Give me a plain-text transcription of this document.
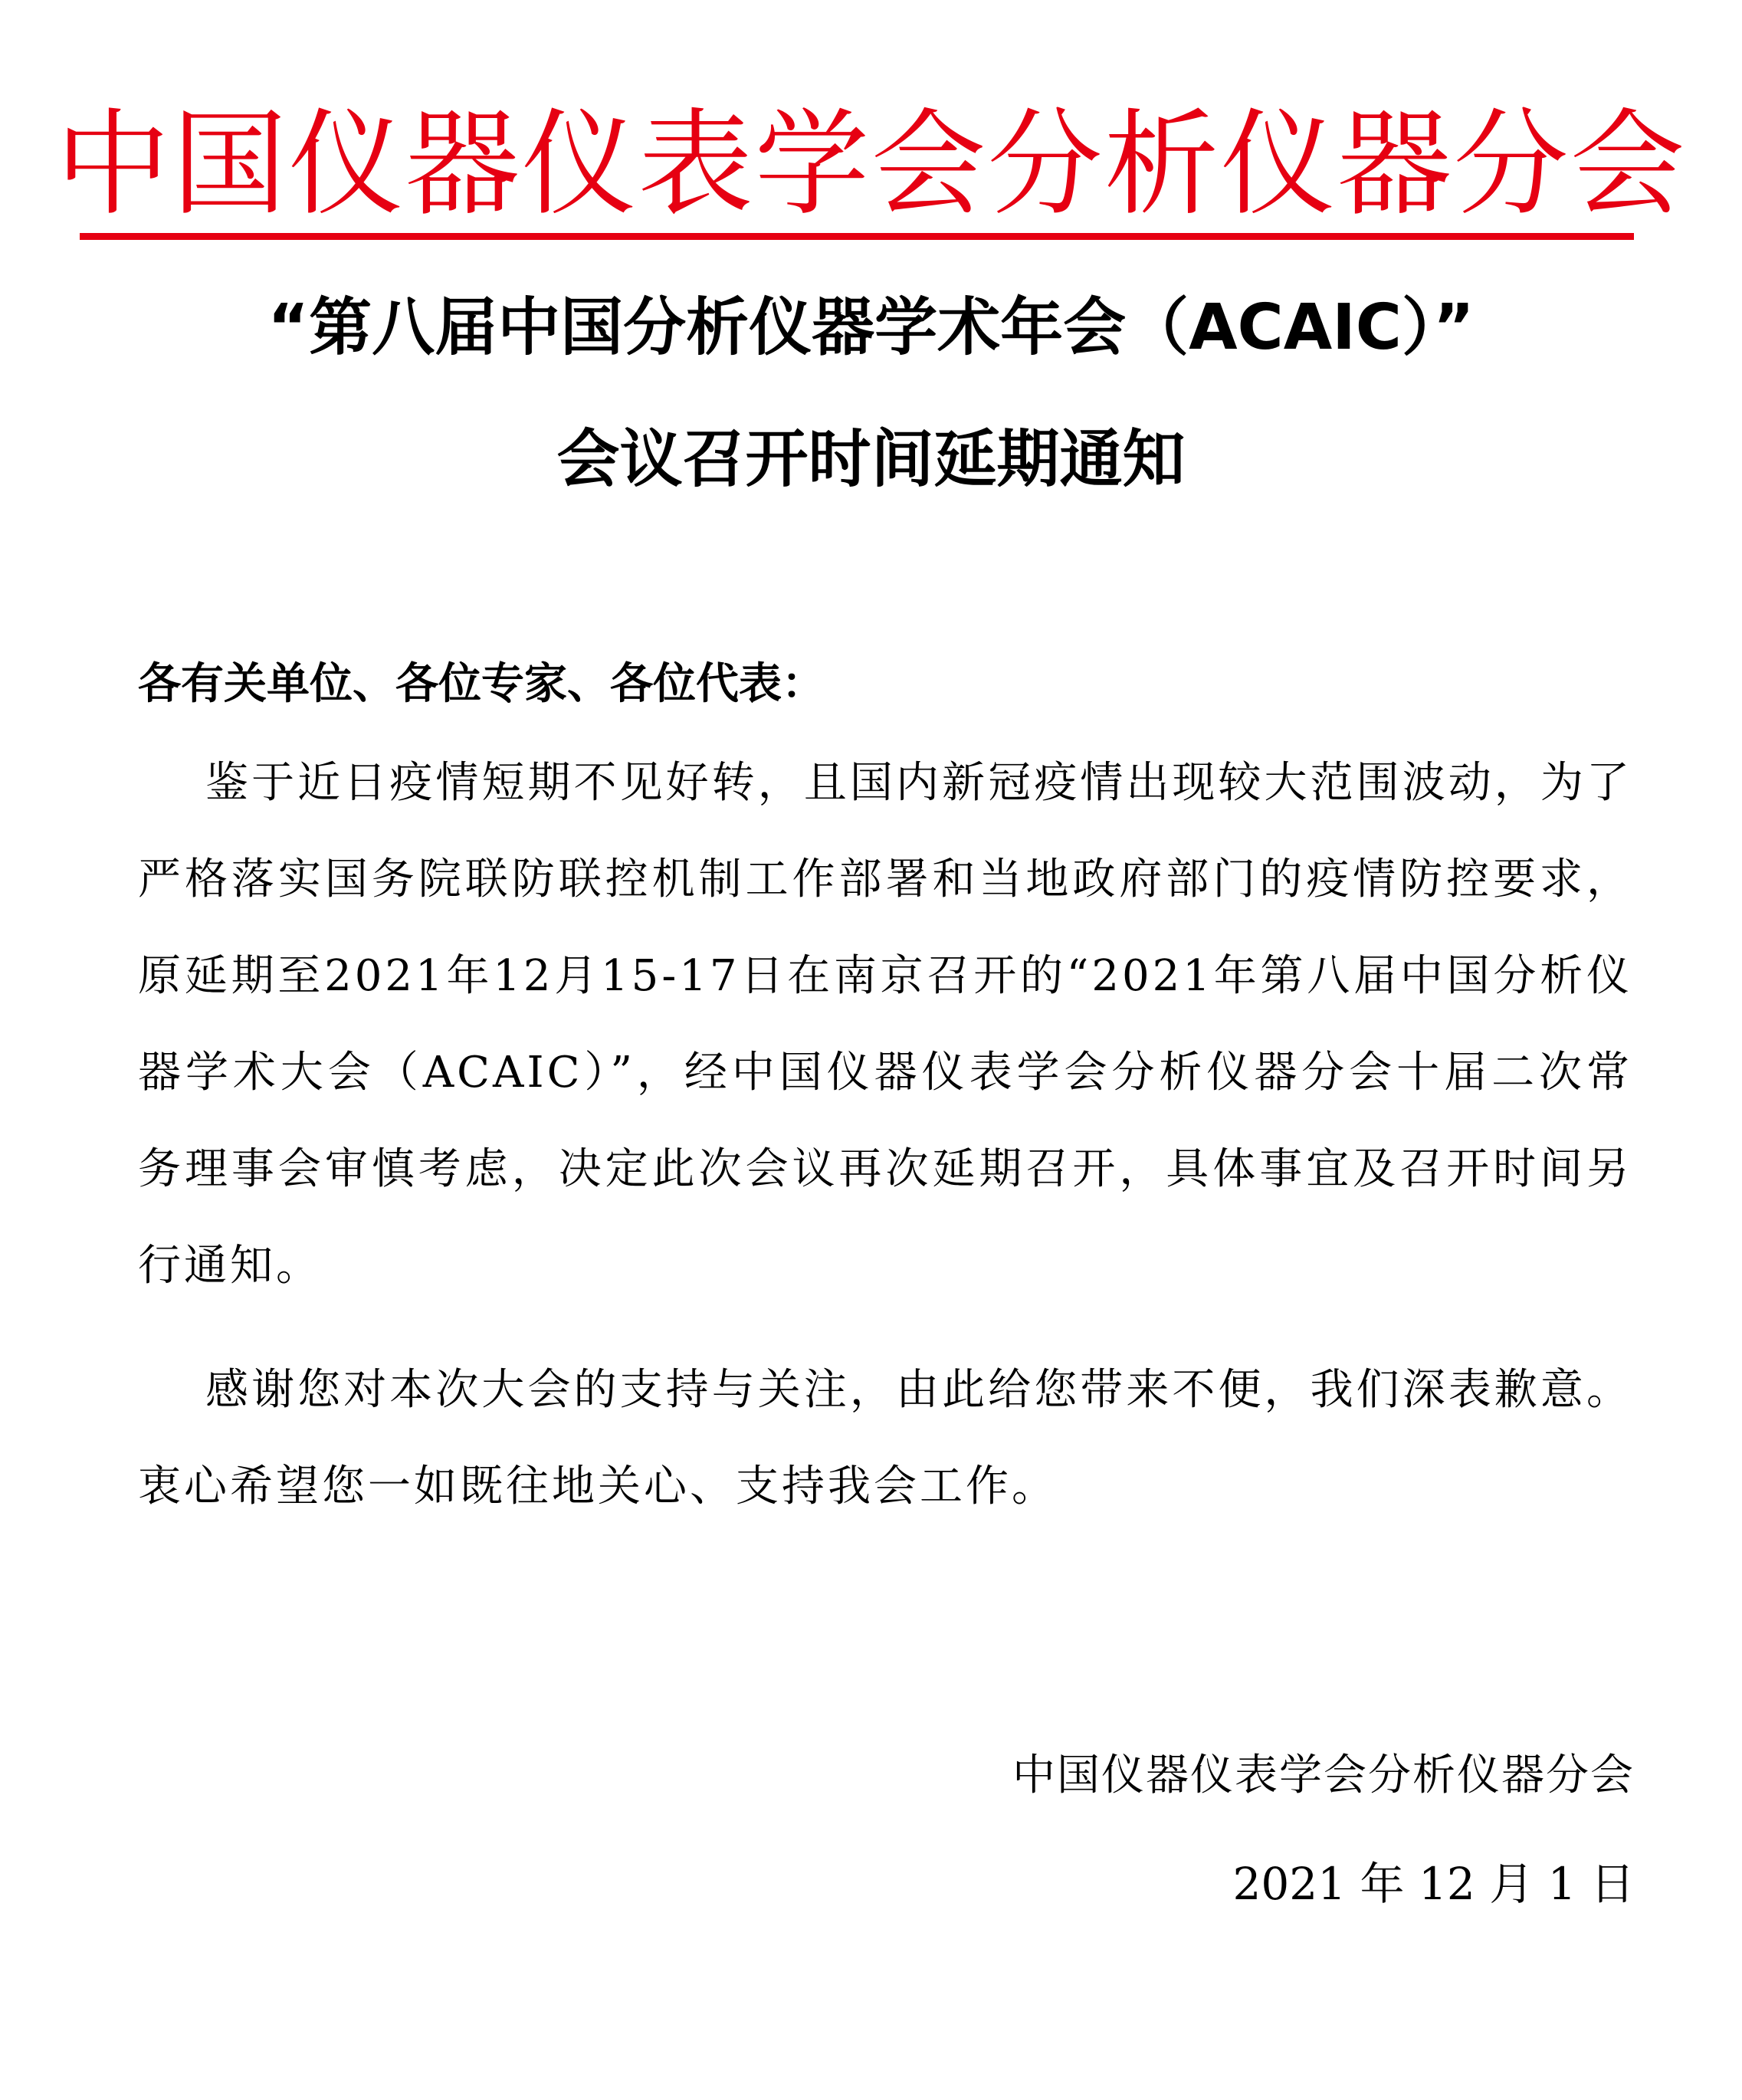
中国仪器仪表学会分析仪器分会
“第八届中国分析仪器学术年会（ACAIC）”
会议召开时间延期通知
各有关单位、各位专家、各位代表：
鉴于近日疫情短期不见好转，且国内新冠疫情出现较大范围波动，为了严格落实国务院联防联控机制工作部署和当地政府部门的疫情防控要求，原延期至2021年12月15-17日在南京召开的“2021年第八届中国分析仪器学术大会（ACAIC）”，经中国仪器仪表学会分析仪器分会十届二次常务理事会审慎考虑，决定此次会议再次延期召开，具体事宜及召开时间另行通知。
感谢您对本次大会的支持与关注，由此给您带来不便，我们深表歉意。衷心希望您一如既往地关心、支持我会工作。
中国仪器仪表学会分析仪器分会
2021 年 12 月 1 日
